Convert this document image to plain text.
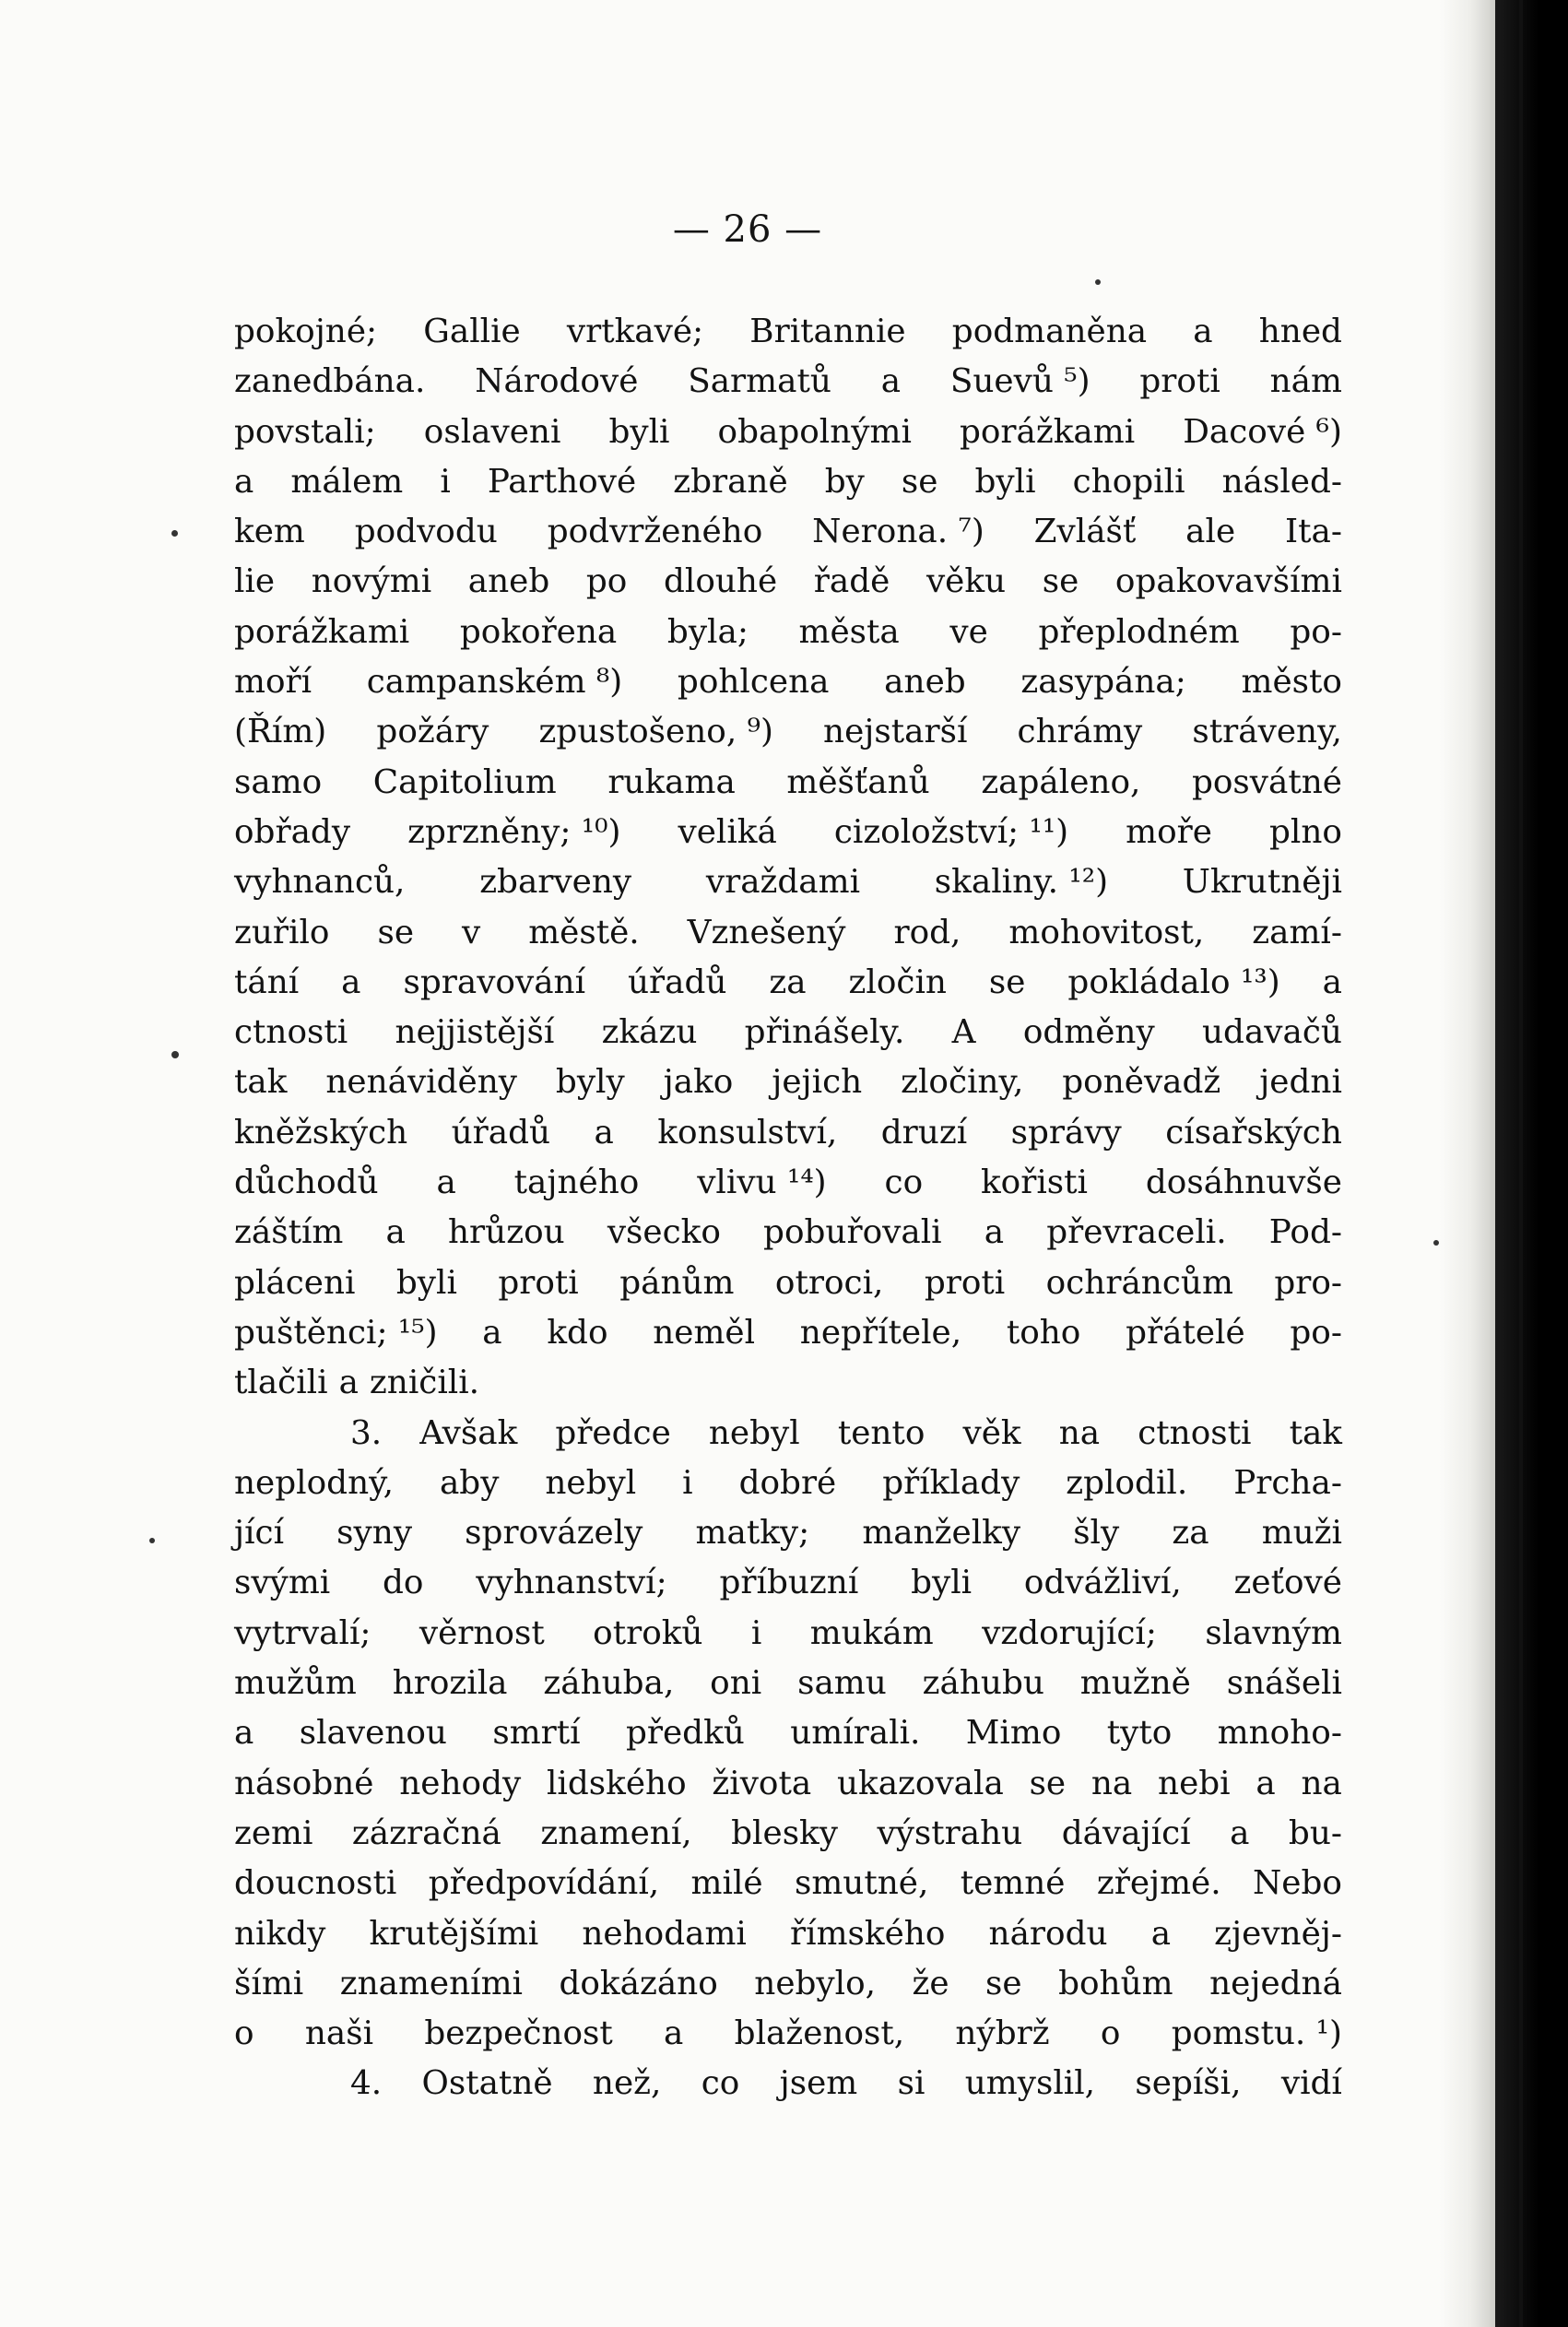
— 26 —
pokojné; Gallie vrtkavé; Britannie podmaněna a hned
zanedbána. Národové Sarmatů a Suevů ⁵) proti nám
povstali; oslaveni byli obapolnými porážkami Dacové ⁶)
a málem i Parthové zbraně by se byli chopili násled-
kem podvodu podvrženého Nerona. ⁷) Zvlášť ale Ita-
lie novými aneb po dlouhé řadě věku se opakovavšími
porážkami pokořena byla; města ve přeplodném po-
moří campanském ⁸) pohlcena aneb zasypána; město
(Řím) požáry zpustošeno, ⁹) nejstarší chrámy stráveny,
samo Capitolium rukama měšťanů zapáleno, posvátné
obřady zprzněny; ¹⁰) veliká cizoložství; ¹¹) moře plno
vyhnanců, zbarveny vraždami skaliny. ¹²) Ukrutněji
zuřilo se v městě. Vznešený rod, mohovitost, zamí-
tání a spravování úřadů za zločin se pokládalo ¹³) a
ctnosti nejjistější zkázu přinášely. A odměny udavačů
tak nenáviděny byly jako jejich zločiny, poněvadž jedni
kněžských úřadů a konsulství, druzí správy císařských
důchodů a tajného vlivu ¹⁴) co kořisti dosáhnuvše
záštím a hrůzou všecko pobuřovali a převraceli. Pod-
pláceni byli proti pánům otroci, proti ochráncům pro-
puštěnci; ¹⁵) a kdo neměl nepřítele, toho přátelé po-
tlačili a zničili.
3. Avšak předce nebyl tento věk na ctnosti tak
neplodný, aby nebyl i dobré příklady zplodil. Prcha-
jící syny sprovázely matky; manželky šly za muži
svými do vyhnanství; příbuzní byli odvážliví, zeťové
vytrvalí; věrnost otroků i mukám vzdorující; slavným
mužům hrozila záhuba, oni samu záhubu mužně snášeli
a slavenou smrtí předků umírali. Mimo tyto mnoho-
násobné nehody lidského života ukazovala se na nebi a na
zemi zázračná znamení, blesky výstrahu dávající a bu-
doucnosti předpovídání, milé smutné, temné zřejmé. Nebo
nikdy krutějšími nehodami římského národu a zjevněj-
šími znameními dokázáno nebylo, že se bohům nejedná
o naši bezpečnost a blaženost, nýbrž o pomstu. ¹)
4. Ostatně než, co jsem si umyslil, sepíši, vidí
